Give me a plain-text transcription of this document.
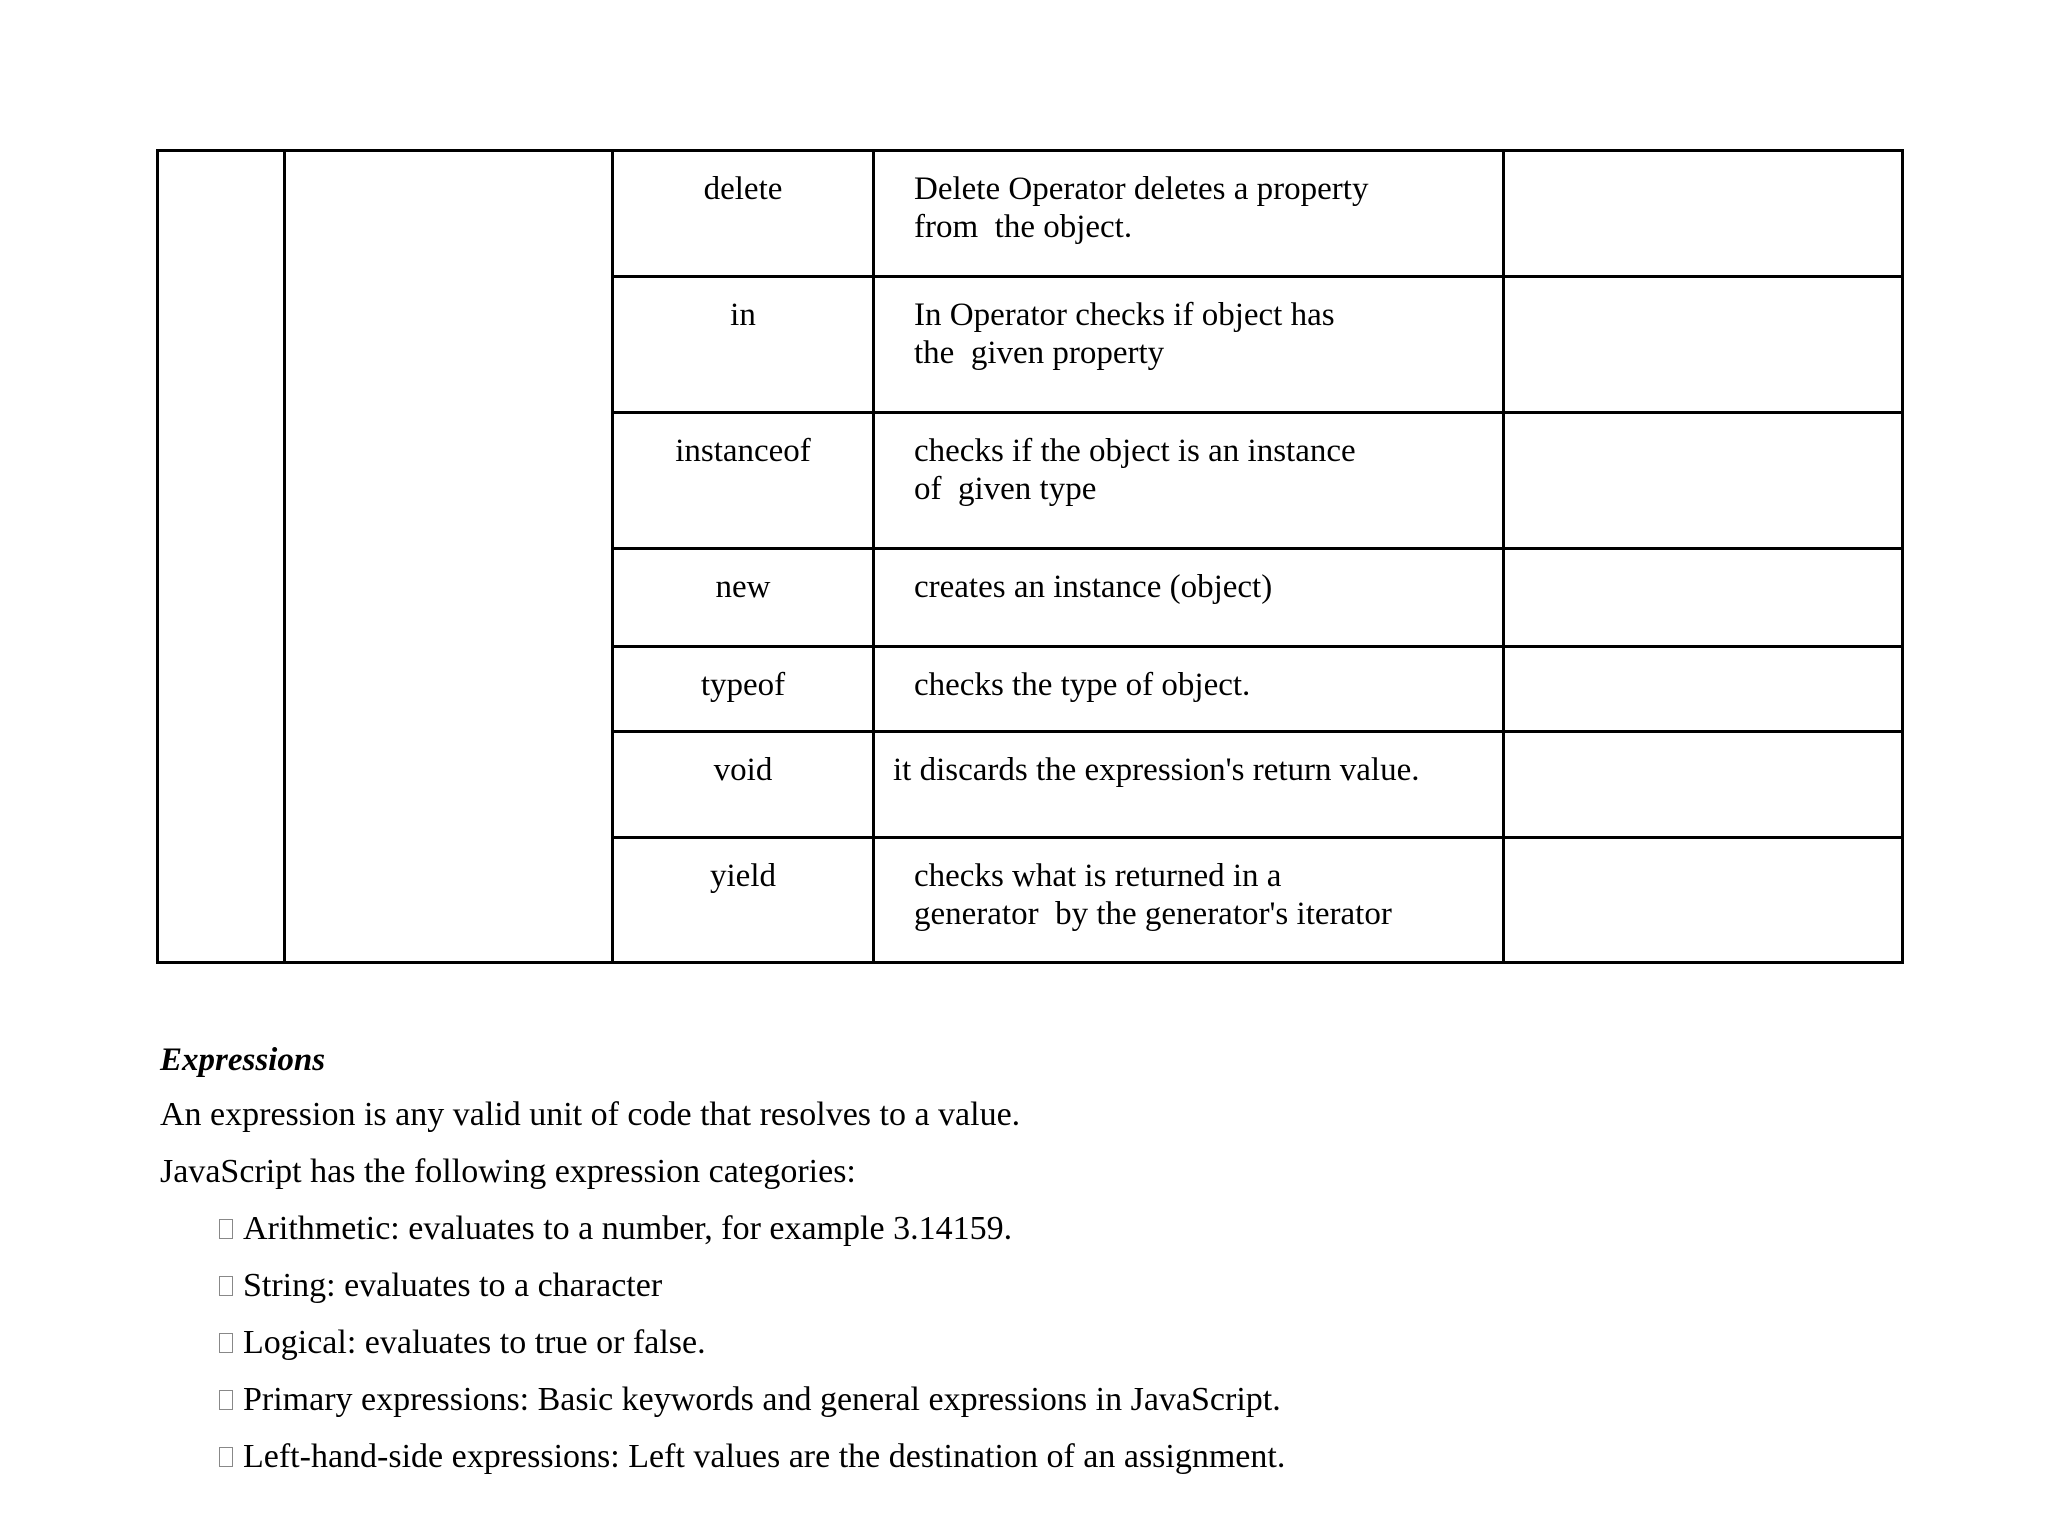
		delete	Delete Operator deletes a property
from  the object.	

		in	In Operator checks if object has
the  given property	

		instanceof	checks if the object is an instance
of  given type	

		new	creates an instance (object)	

		typeof	checks the type of object.	

		void	it discards the expression's return value.	

		yield	checks what is returned in a
generator  by the generator's iterator	

Expressions

An expression is any valid unit of code that resolves to a value.

JavaScript has the following expression categories:

Arithmetic: evaluates to a number, for example 3.14159.
String: evaluates to a character
Logical: evaluates to true or false.
Primary expressions: Basic keywords and general expressions in JavaScript.
Left-hand-side expressions: Left values are the destination of an assignment.
